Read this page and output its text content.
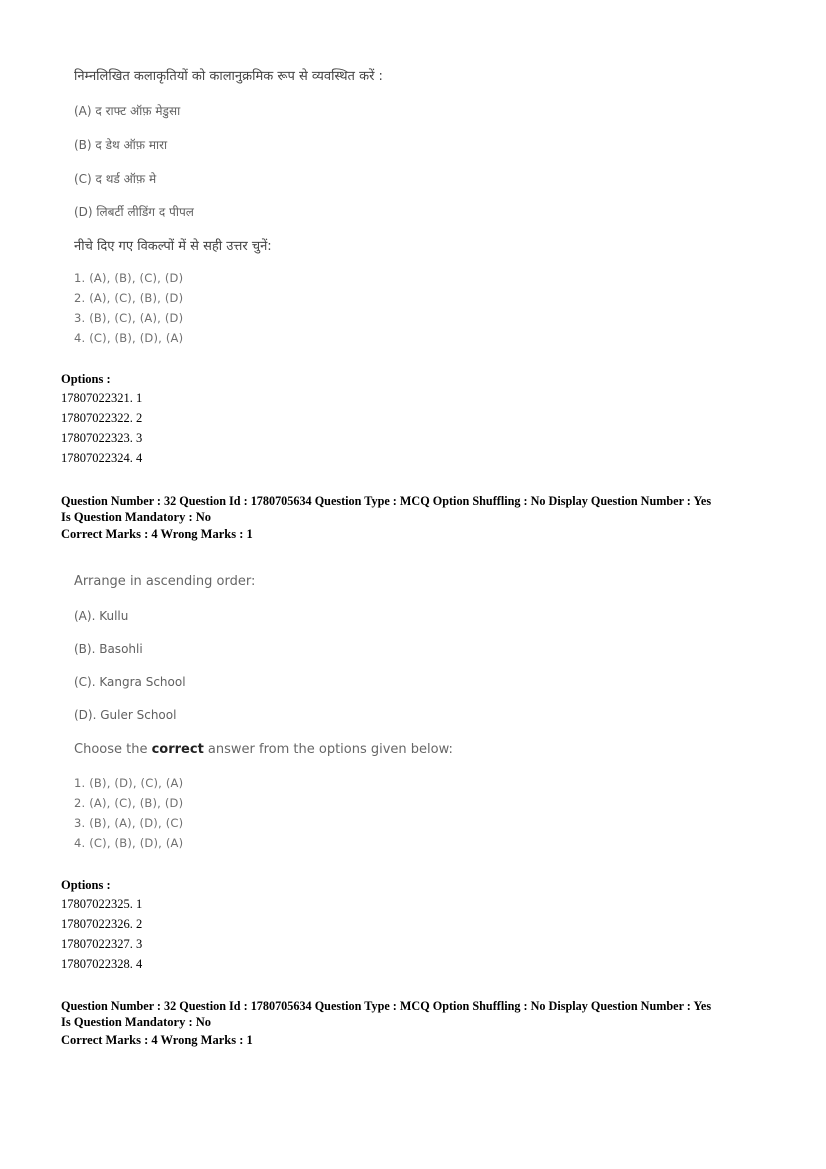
निम्नलिखित कलाकृतियों को कालानुक्रमिक रूप से व्यवस्थित करें :
(A) द राफ्ट ऑफ़ मेडुसा
(B) द डेथ ऑफ़ मारा
(C) द थर्ड ऑफ़ मे
(D) लिबर्टी लीडिंग द पीपल
नीचे दिए गए विकल्पों में से सही उत्तर चुनें:
1. (A), (B), (C), (D)
2. (A), (C), (B), (D)
3. (B), (C), (A), (D)
4. (C), (B), (D), (A)
Options :
17807022321. 1
17807022322. 2
17807022323. 3
17807022324. 4
Question Number : 32 Question Id : 1780705634 Question Type : MCQ Option Shuffling : No Display Question Number : Yes
Is Question Mandatory : No
Correct Marks : 4 Wrong Marks : 1
Arrange in ascending order:
(A). Kullu
(B). Basohli
(C). Kangra School
(D). Guler School
Choose the correct answer from the options given below:
1. (B), (D), (C), (A)
2. (A), (C), (B), (D)
3. (B), (A), (D), (C)
4. (C), (B), (D), (A)
Options :
17807022325. 1
17807022326. 2
17807022327. 3
17807022328. 4
Question Number : 32 Question Id : 1780705634 Question Type : MCQ Option Shuffling : No Display Question Number : Yes
Is Question Mandatory : No
Correct Marks : 4 Wrong Marks : 1
